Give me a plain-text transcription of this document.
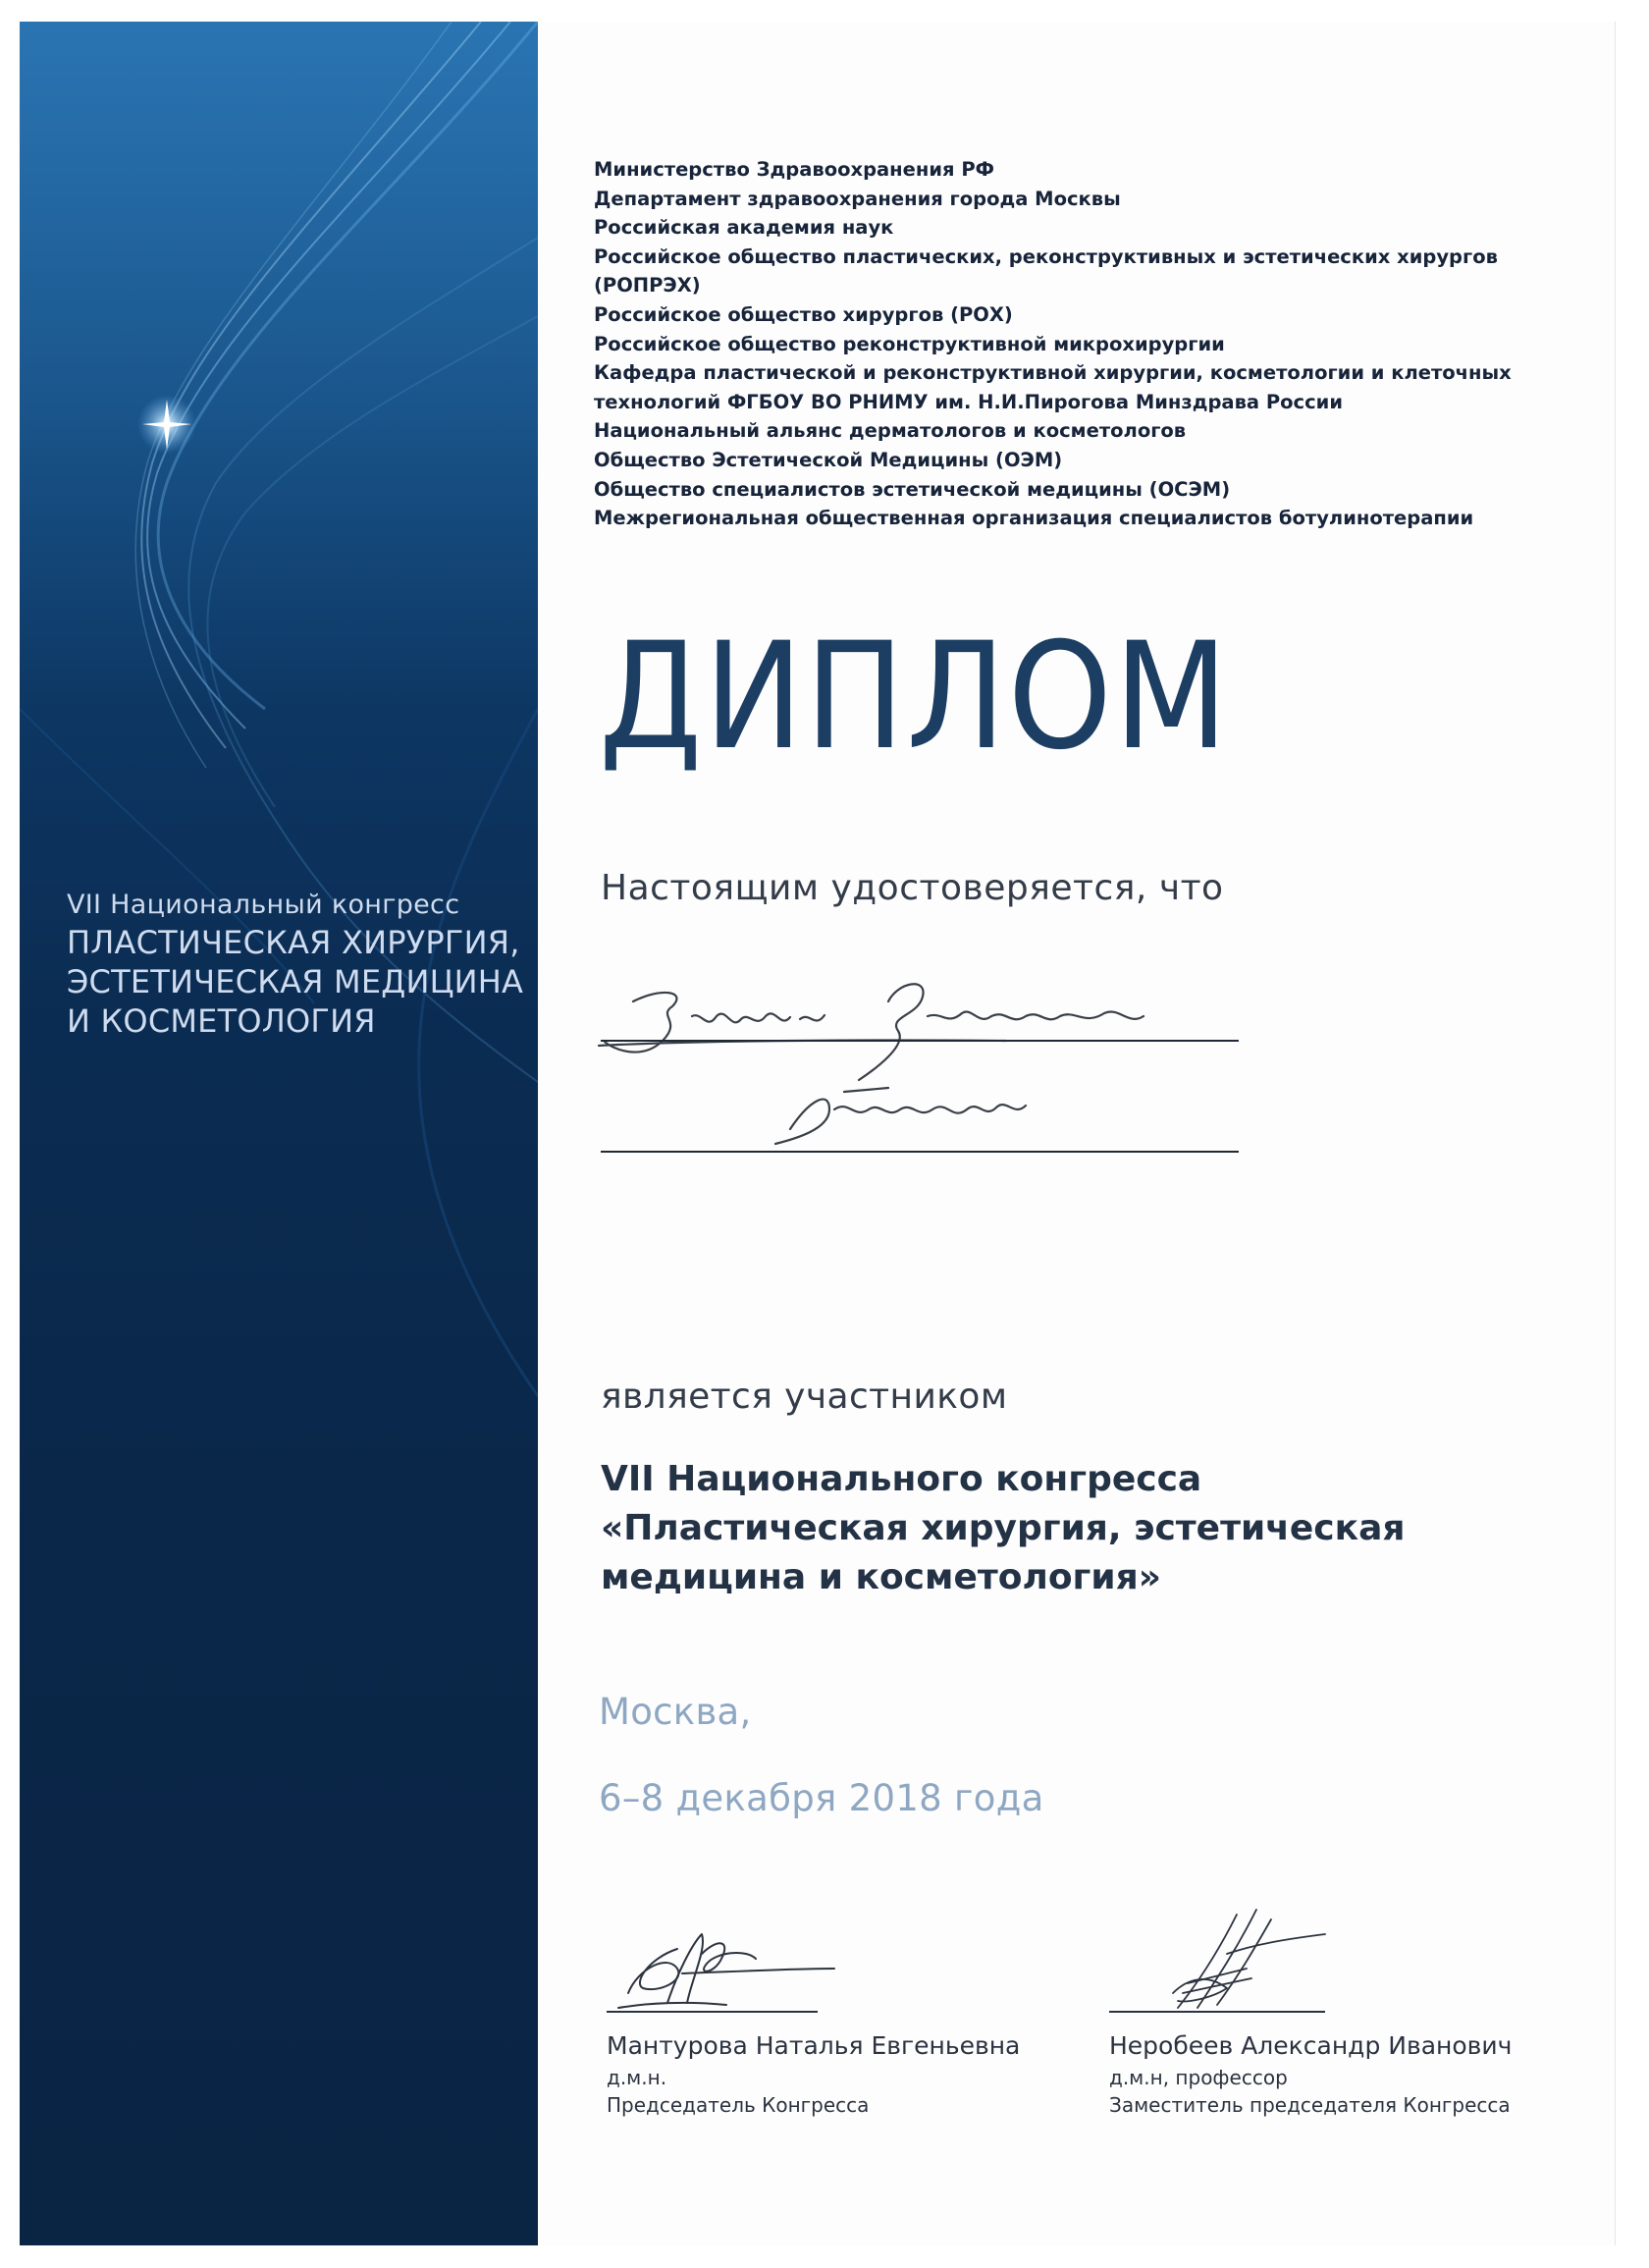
VII Национальный конгресс
ПЛАСТИЧЕСКАЯ ХИРУРГИЯ,
ЭСТЕТИЧЕСКАЯ МЕДИЦИНА
И КОСМЕТОЛОГИЯ
Министерство Здравоохранения РФ
Департамент здравоохранения города Москвы
Российская академия наук
Российское общество пластических, реконструктивных и эстетических хирургов
(РОПРЭХ)
Российское общество хирургов (РОХ)
Российское общество реконструктивной микрохирургии
Кафедра пластической и реконструктивной хирургии, косметологии и клеточных
технологий ФГБОУ ВО РНИМУ им. Н.И.Пирогова Минздрава России
Национальный альянс дерматологов и косметологов
Общество Эстетической Медицины (ОЭМ)
Общество специалистов эстетической медицины (ОСЭМ)
Межрегиональная общественная организация специалистов ботулинотерапии
ДИПЛОМ
Настоящим удостоверяется, что
является участником
VII Национального конгресса
«Пластическая хирургия, эстетическая
медицина и косметология»
Москва,
6–8 декабря 2018 года
Мантурова Наталья Евгеньевна
д.м.н.
Председатель Конгресса
Неробеев Александр Иванович
д.м.н, профессор
Заместитель председателя Конгресса
